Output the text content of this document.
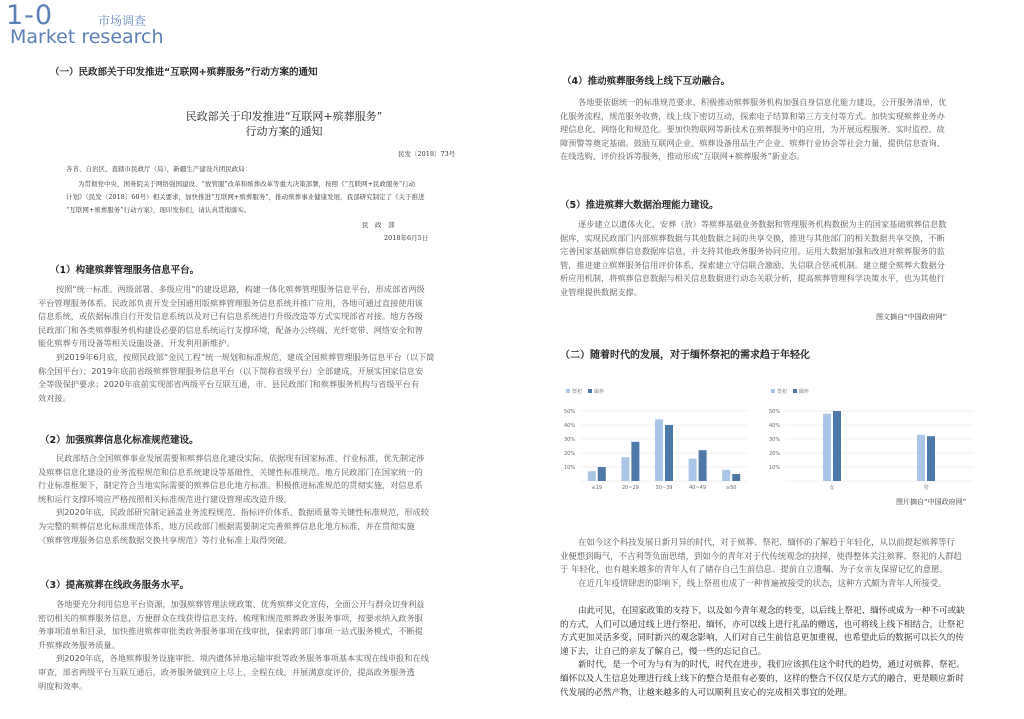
1-0	市场调查
Market research
（一）民政部关于印发推进“互联网+殡葬服务”行动方案的通知
民政部关于印发推进“互联网+殡葬服务”
行动方案的通知
民发〔2018〕73号
各省、自治区、直辖市民政厅（局），新疆生产建设兵团民政局：
为贯彻党中央、国务院关于网络强国建设、“放管服”改革和殡葬改革等重大决策部署，按照《“互联网+民政服务”行动
计划》（民发〔2018〕60号）相关要求，加快推进“互联网+殡葬服务”，推动殡葬事业健康发展，我部研究制定了《关于推进
“互联网+殡葬服务”行动方案》，现印发你们，请认真贯彻落实。
民　政　部
2018年6月5日
（1）构建殡葬管理服务信息平台。
按照“统一标准、两级部署、多级应用”的建设思路，构建一体化殡葬管理服务信息平台，形成部省两级
平台管理服务体系。民政部负责开发全国通用版殡葬管理服务信息系统并推广应用，各地可通过直接使用该
信息系统，或依据标准自行开发信息系统以及对已有信息系统进行升级改造等方式实现部省对接。地方各级
民政部门和各类殡葬服务机构建设必要的信息系统运行支撑环境，配备办公终端、光纤宽带、网络安全和智
能化殡葬专用设备等相关设施设备，开发利用新维护。
到2019年6月底，按照民政部“金民工程”统一规划和标准规范，建成全国殡葬管理服务信息平台（以下简
称全国平台）；2019年底前省级殡葬管理服务信息平台（以下简称省级平台）全部建成，开展实国家信息安
全等级保护要求；2020年底前实现部省两级平台互联互通，市、县民政部门和殡葬服务机构与省级平台有
效对接。
（2）加强殡葬信息化标准规范建设。
民政部结合全国殡葬事业发展需要和殡葬信息化建设实际，依据现有国家标准、行业标准，优先制定涉
及殡葬信息化建设的业务流程规范和信息系统建设等基础性、关键性标准规范。地方民政部门在国家统一的
行业标准框架下，制定符合当地实际需要的殡葬信息化地方标准。积极推进标准规范的贯彻实施，对信息系
统和运行支撑环境应严格按照相关标准规范进行建设管理或改造升级。
到2020年底，民政部研究制定涵盖业务流程规范、指标评价体系、数据质量等关键性标准规范，形成较
为完整的殡葬信息化标准规范体系，地方民政部门根据需要制定完善殡葬信息化地方标准，并在贯彻实施
《殡葬管理服务信息系统数据交换共享规范》等行业标准上取得突破。
（3）提高殡葬在线政务服务水平。
各地要充分利用信息平台资源，加强殡葬管理法规政策、优秀殡葬文化宣传，全面公开与群众切身利益
密切相关的殡葬服务信息，方便群众在线获得信息支持。梳理和规范殡葬政务服务事项，按要求纳入政务服
务事项清单和目录，加快推进殡葬审批类政务服务事项在线审批，探索跨部门事项一站式服务模式，不断提
升殡葬政务服务质量。
到2020年底，各地殡葬服务设施审批、境内遗体异地运输审批等政务服务事项基本实现在线申报和在线
审查，部省两级平台互联互通后，政务服务做到应上尽上、全程在线，并展满意度评价，提高政务服务透
明度和效率。
（4）推动殡葬服务线上线下互动融合。
各地要依据统一的标准规范要求，积极推动殡葬服务机构加强自身信息化能力建设，公开服务清单，优
化服务流程，规范服务收费，线上线下密切互动，探索电子结算和第三方支付等方式。加快实现殡葬业务办
理信息化、网络化和规范化。要加快物联网等新技术在殡葬服务中的应用，为开展远程服务、实时监控、故
障预警等奠定基础。鼓励互联网企业、殡葬设备用品生产企业、殡葬行业协会等社会力量，提供信息查询、
在线选购、评价投诉等服务，推动形成“互联网+殡葬服务”新业态。
（5）推进殡葬大数据治理能力建设。
逐步建立以遗体火化、安葬（放）等殡葬基础业务数据和管理服务机构数据为主的国家基础殡葬信息数
据库，实现民政部门内部殡葬数据与其他数据之间的共享交换，推进与其他部门的相关数据共享交换，不断
完善国家基础殡葬信息数据库信息，并支持其他政务服务协同应用。运用大数据加强和改进对殡葬服务的监
管，推进建立殡葬服务信用评价体系，探索建立守信联合激励、失信联合惩戒机制。建立健全殡葬大数据分
析应用机制，将殡葬信息数据与相关信息数据进行动态关联分析，提高殡葬管理科学决策水平，也为其他行
业管理提供数据支撑。
图文摘自“中国政府网”
（二）随着时代的发展，对于缅怀祭祀的需求趋于年轻化
祭祀 缅怀
50%
40%
30%
20%
10%
≤19	20~29	30~39	40~49	≥50
祭祀 缅怀
50%
40%
30%
20%
10%
女	男
图片摘自“中国政府网”
在如今这个科技发展日新月异的时代，对于殡葬、祭祀、缅怀的了解趋于年轻化，从以前提起殡葬等行
业便想到晦气，不吉利等负面思绪，到如今的青年对于代传统观念的抉择，使得整体关注殡葬、祭祀的人群趋
于 年轻化，也有越来越多的青年人有了储存自己生前信息、提前自立遗嘱、为子女亲友保留记忆的意愿。
在近几年疫情肆虐的影响下，线上祭祖也成了一种普遍被接受的状态，这种方式颇为青年人所接受。
由此可见，在国家政策的支持下，以及如今青年观念的转变，以后线上祭祀、缅怀或成为一种不可或缺
的方式，人们可以通过线上进行祭祀、缅怀，亦可以线上进行礼品的赠送，也可将线上线下相结合，让祭祀
方式更加灵活多变，同时新兴的观念影响，人们对自己生前信息更加重视，也希望此后的数据可以长久的传
递下去，让自己的亲友了解自己，慢一些的忘记自己。
新时代，是一个可为与有为的时代，时代在进步，我们应该抓住这个时代的趋势，通过对殡葬、祭祀、
缅怀以及人生信息处理进行线上线下的整合是很有必要的，这样的整合不仅仅是方式的融合，更是顺应新时
代发展的必然产物，让越来越多的人可以顺利且安心的完成相关事宜的处理。
